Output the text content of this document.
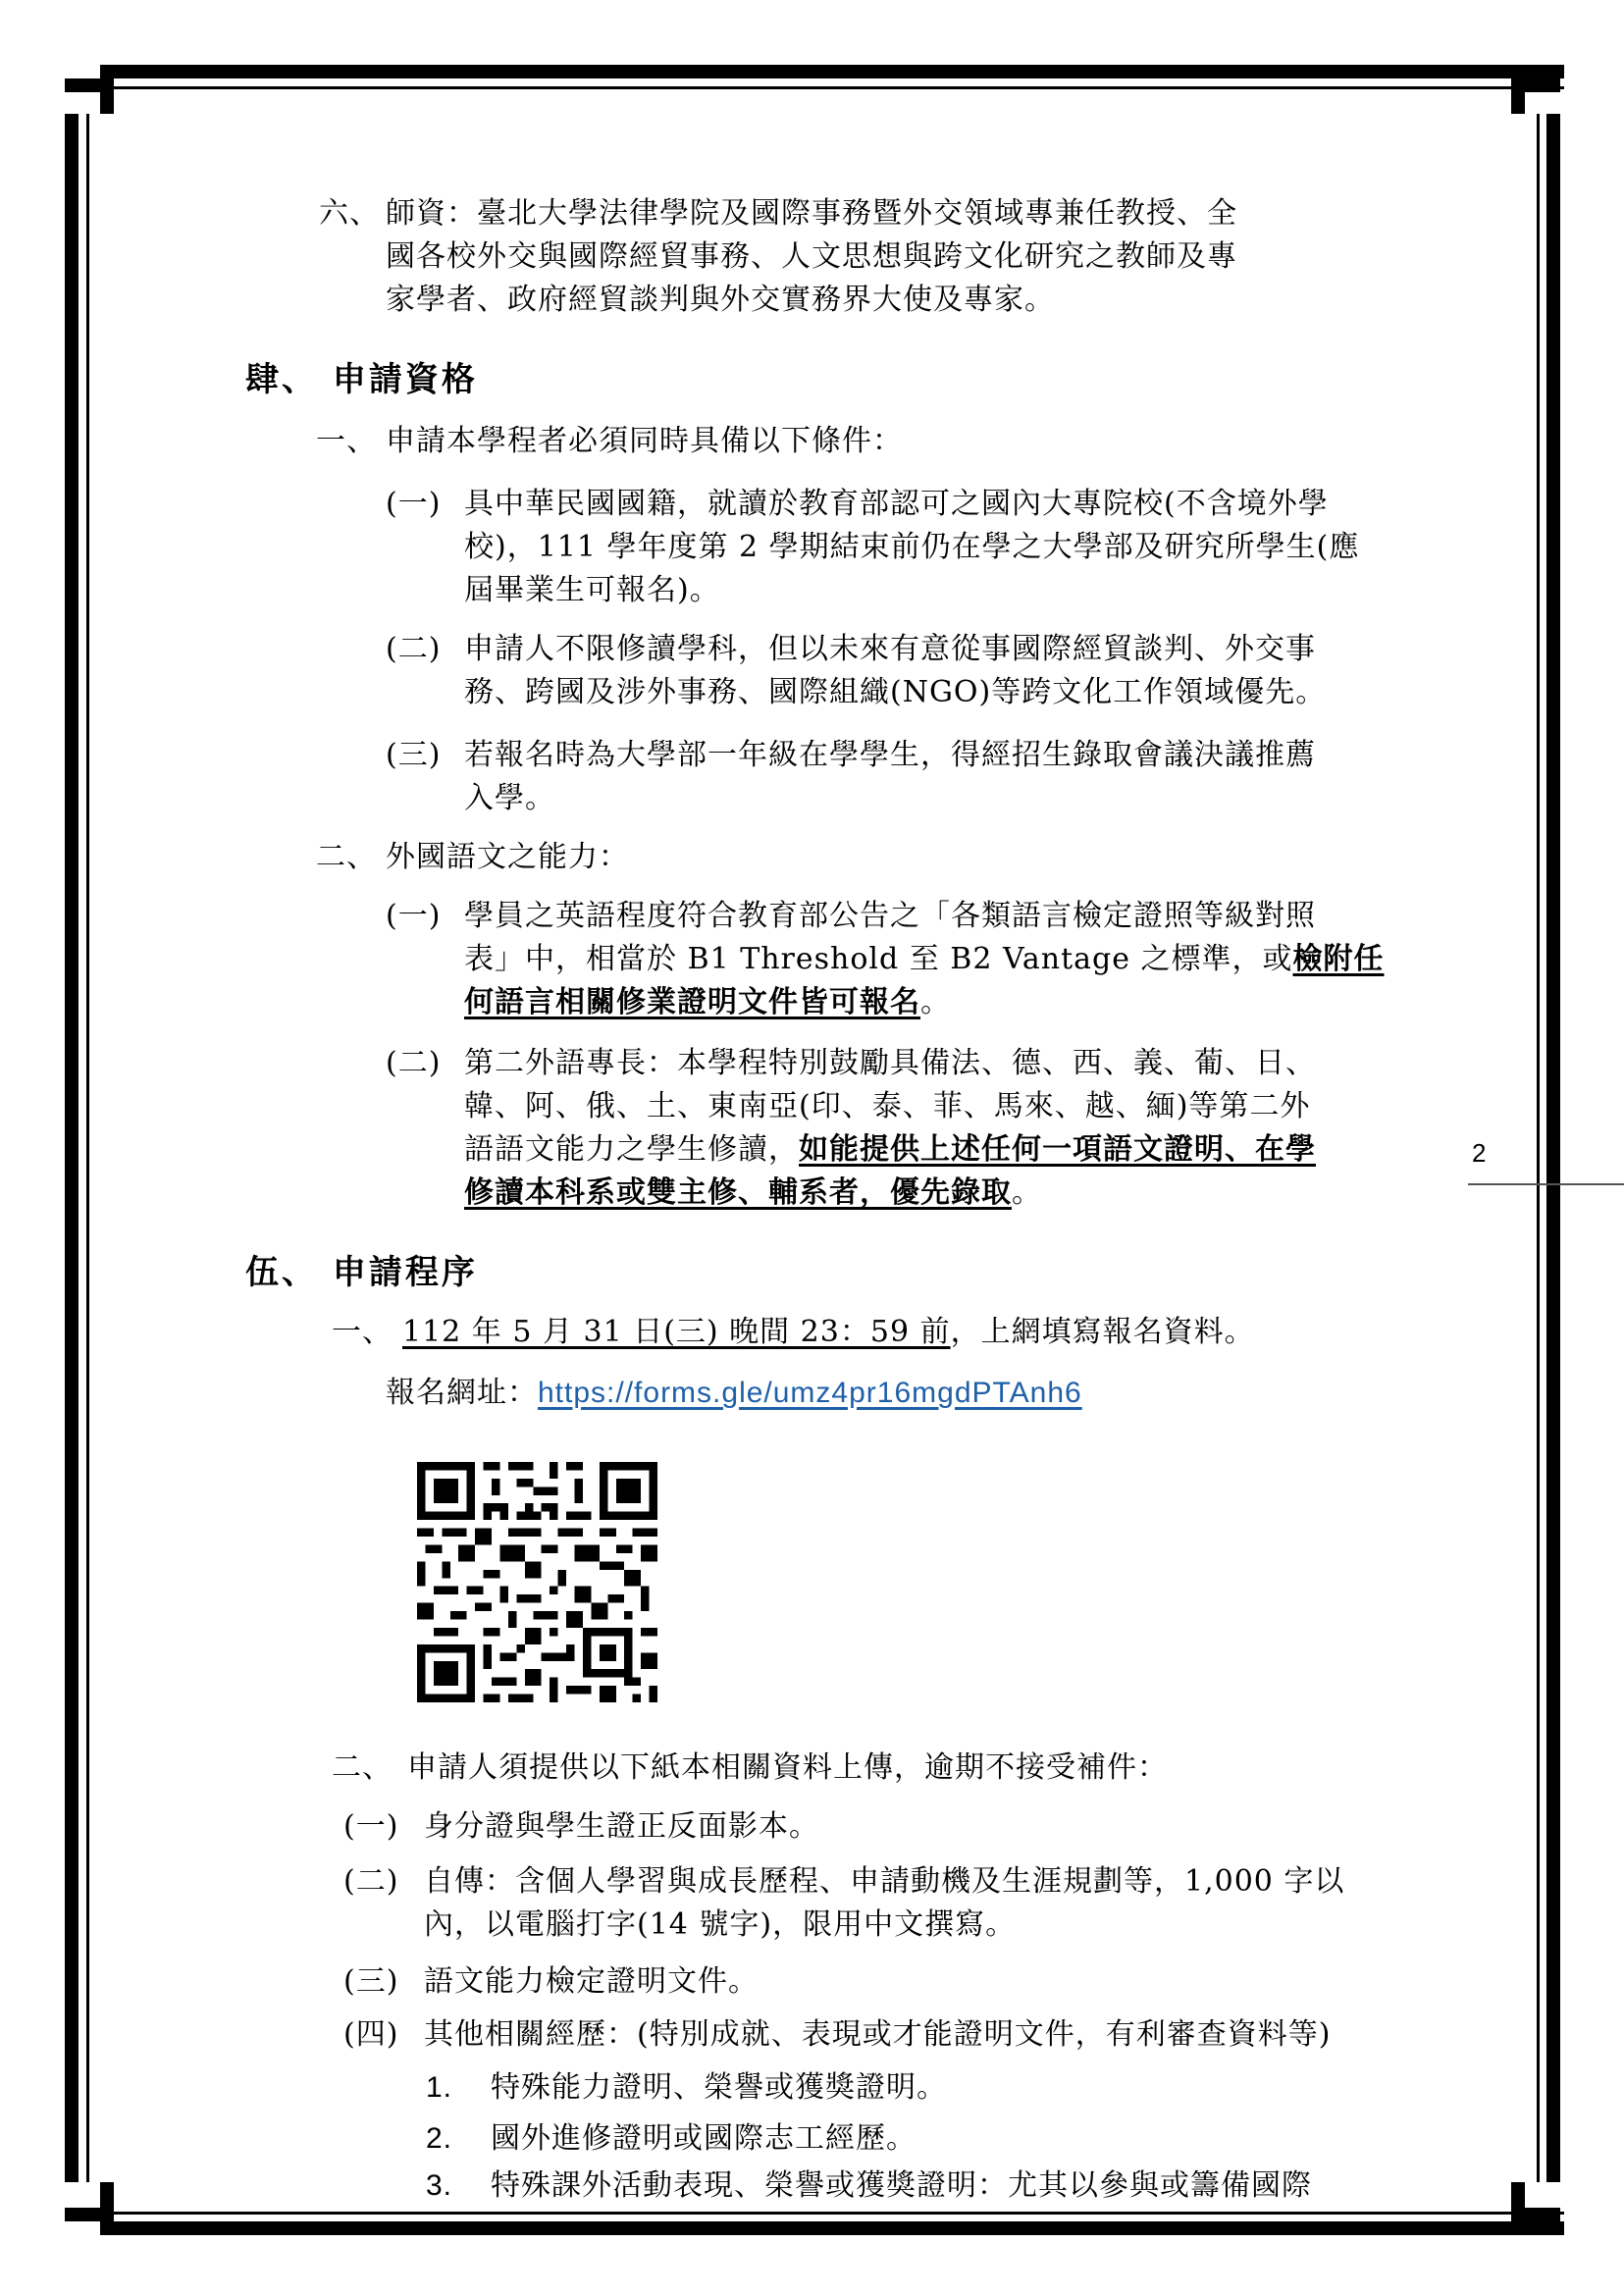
六、 師資：臺北大學法律學院及國際事務暨外交領域專兼任教授、全
國各校外交與國際經貿事務、人文思想與跨文化研究之教師及專
家學者、政府經貿談判與外交實務界大使及專家。
肆、 申請資格
一、 申請本學程者必須同時具備以下條件：
(一) 具中華民國國籍，就讀於教育部認可之國內大專院校(不含境外學
校)，111 學年度第 2 學期結束前仍在學之大學部及研究所學生(應
屆畢業生可報名)。
(二) 申請人不限修讀學科，但以未來有意從事國際經貿談判、外交事
務、跨國及涉外事務、國際組織(NGO)等跨文化工作領域優先。
(三) 若報名時為大學部一年級在學學生，得經招生錄取會議決議推薦
入學。
二、 外國語文之能力：
(一) 學員之英語程度符合教育部公告之「各類語言檢定證照等級對照
表」中，相當於 B1 Threshold 至 B2 Vantage 之標準，或檢附任
何語言相關修業證明文件皆可報名。
(二) 第二外語專長：本學程特別鼓勵具備法、德、西、義、葡、日、
韓、阿、俄、土、東南亞(印、泰、菲、馬來、越、緬)等第二外
語語文能力之學生修讀，如能提供上述任何一項語文證明、在學
修讀本科系或雙主修、輔系者，優先錄取。
伍、 申請程序
一、 112 年 5 月 31 日(三) 晚間 23：59 前，上網填寫報名資料。
報名網址：https://forms.gle/umz4pr16mgdPTAnh6
二、 申請人須提供以下紙本相關資料上傳，逾期不接受補件：
(一) 身分證與學生證正反面影本。
(二) 自傳：含個人學習與成長歷程、申請動機及生涯規劃等，1,000 字以
內，以電腦打字(14 號字)，限用中文撰寫。
(三) 語文能力檢定證明文件。
(四) 其他相關經歷：(特別成就、表現或才能證明文件，有利審查資料等)
1. 特殊能力證明、榮譽或獲獎證明。
2. 國外進修證明或國際志工經歷。
3. 特殊課外活動表現、榮譽或獲獎證明：尤其以參與或籌備國際
2
